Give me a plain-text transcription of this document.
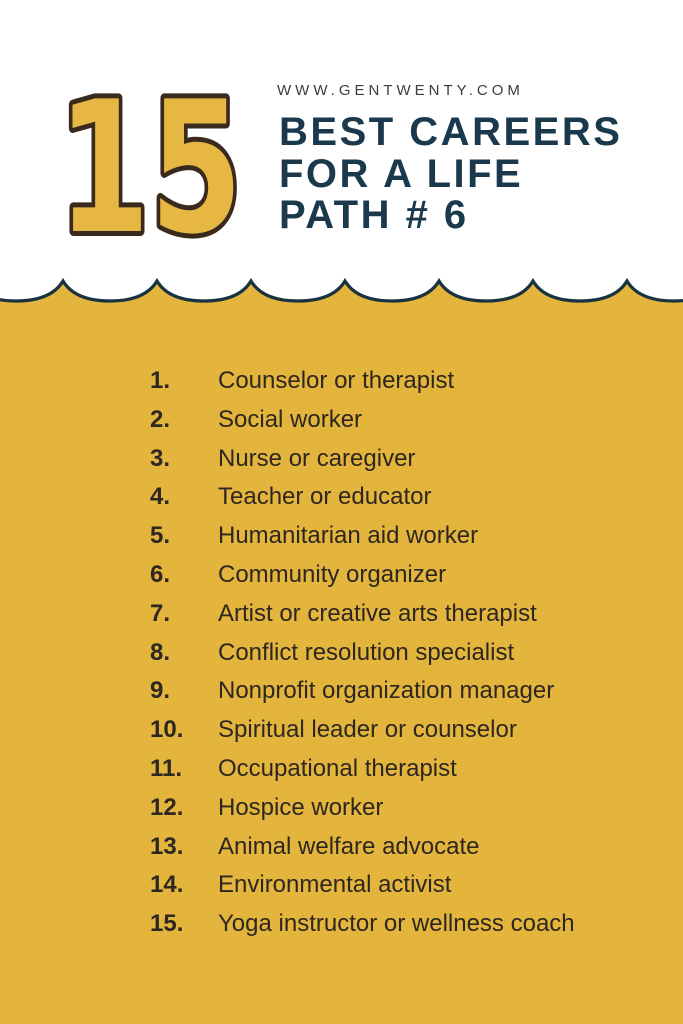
15 WWW.GENTWENTY.COM
BEST CAREERS
FOR A LIFE
PATH # 6
1.	Counselor or therapist
2.	Social worker
3.	Nurse or caregiver
4.	Teacher or educator
5.	Humanitarian aid worker
6.	Community organizer
7.	Artist or creative arts therapist
8.	Conflict resolution specialist
9.	Nonprofit organization manager
10.	Spiritual leader or counselor
11.	Occupational therapist
12.	Hospice worker
13.	Animal welfare advocate
14.	Environmental activist
15.	Yoga instructor or wellness coach
